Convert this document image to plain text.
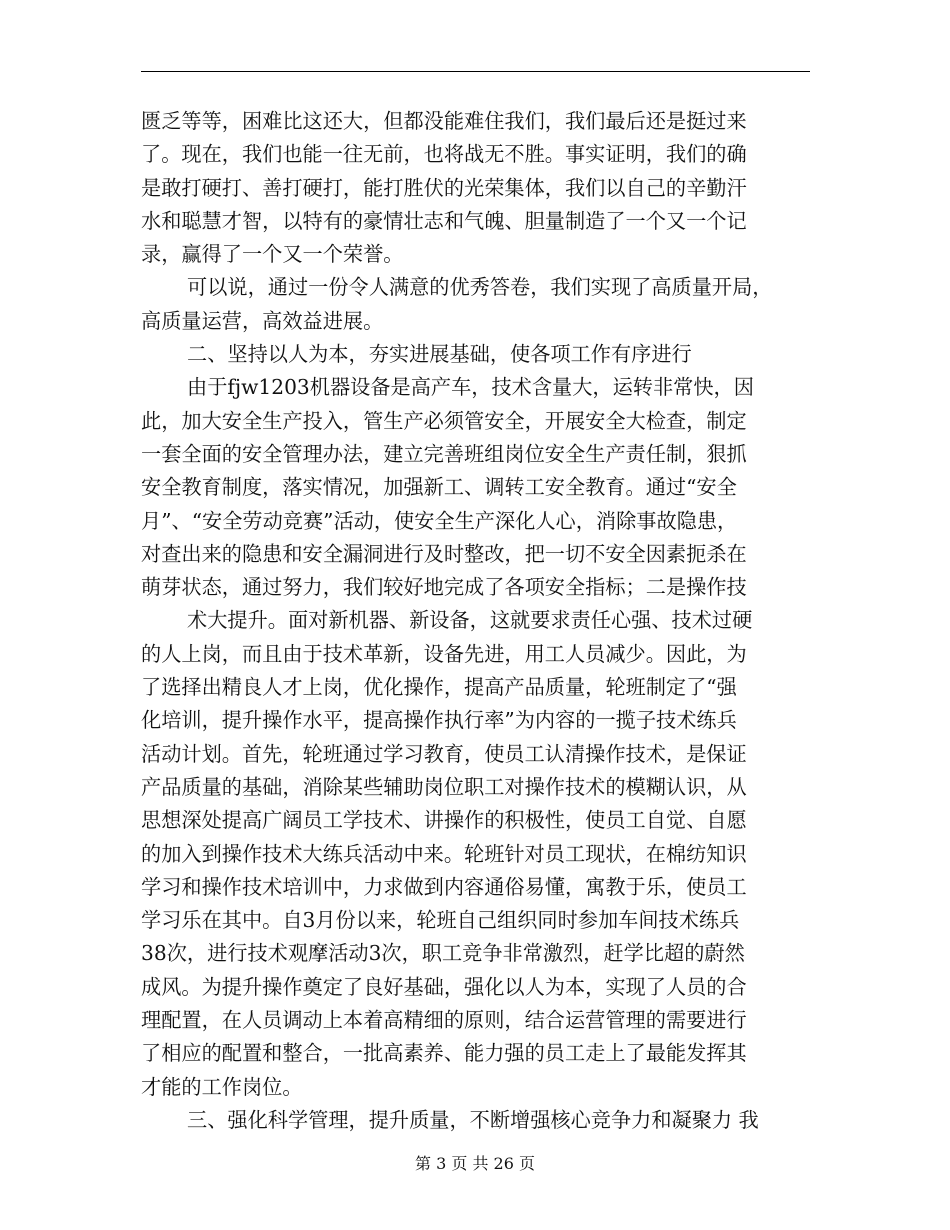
匮乏等等，困难比这还大，但都没能难住我们，我们最后还是挺过来
了。现在，我们也能一往无前，也将战无不胜。事实证明，我们的确
是敢打硬打、善打硬打，能打胜伏的光荣集体，我们以自己的辛勤汗
水和聪慧才智，以特有的豪情壮志和气魄、胆量制造了一个又一个记
录，赢得了一个又一个荣誉。
可以说，通过一份令人满意的优秀答卷，我们实现了高质量开局，
高质量运营，高效益进展。
二、坚持以人为本，夯实进展基础，使各项工作有序进行
由于fjw1203机器设备是高产车，技术含量大，运转非常快，因
此，加大安全生产投入，管生产必须管安全，开展安全大检查，制定
一套全面的安全管理办法，建立完善班组岗位安全生产责任制，狠抓
安全教育制度，落实情况，加强新工、调转工安全教育。通过“安全
月”、“安全劳动竞赛”活动，使安全生产深化人心，消除事故隐患，
对查出来的隐患和安全漏洞进行及时整改，把一切不安全因素扼杀在
萌芽状态，通过努力，我们较好地完成了各项安全指标；二是操作技
术大提升。面对新机器、新设备，这就要求责任心强、技术过硬
的人上岗，而且由于技术革新，设备先进，用工人员减少。因此，为
了选择出精良人才上岗，优化操作，提高产品质量，轮班制定了“强
化培训，提升操作水平，提高操作执行率”为内容的一揽子技术练兵
活动计划。首先，轮班通过学习教育，使员工认清操作技术，是保证
产品质量的基础，消除某些辅助岗位职工对操作技术的模糊认识，从
思想深处提高广阔员工学技术、讲操作的积极性，使员工自觉、自愿
的加入到操作技术大练兵活动中来。轮班针对员工现状，在棉纺知识
学习和操作技术培训中，力求做到内容通俗易懂，寓教于乐，使员工
学习乐在其中。自3月份以来，轮班自己组织同时参加车间技术练兵
38次，进行技术观摩活动3次，职工竞争非常激烈，赶学比超的蔚然
成风。为提升操作奠定了良好基础，强化以人为本，实现了人员的合
理配置，在人员调动上本着高精细的原则，结合运营管理的需要进行
了相应的配置和整合，一批高素养、能力强的员工走上了最能发挥其
才能的工作岗位。
三、强化科学管理，提升质量，不断增强核心竞争力和凝聚力 我
第 3 页 共 26 页
